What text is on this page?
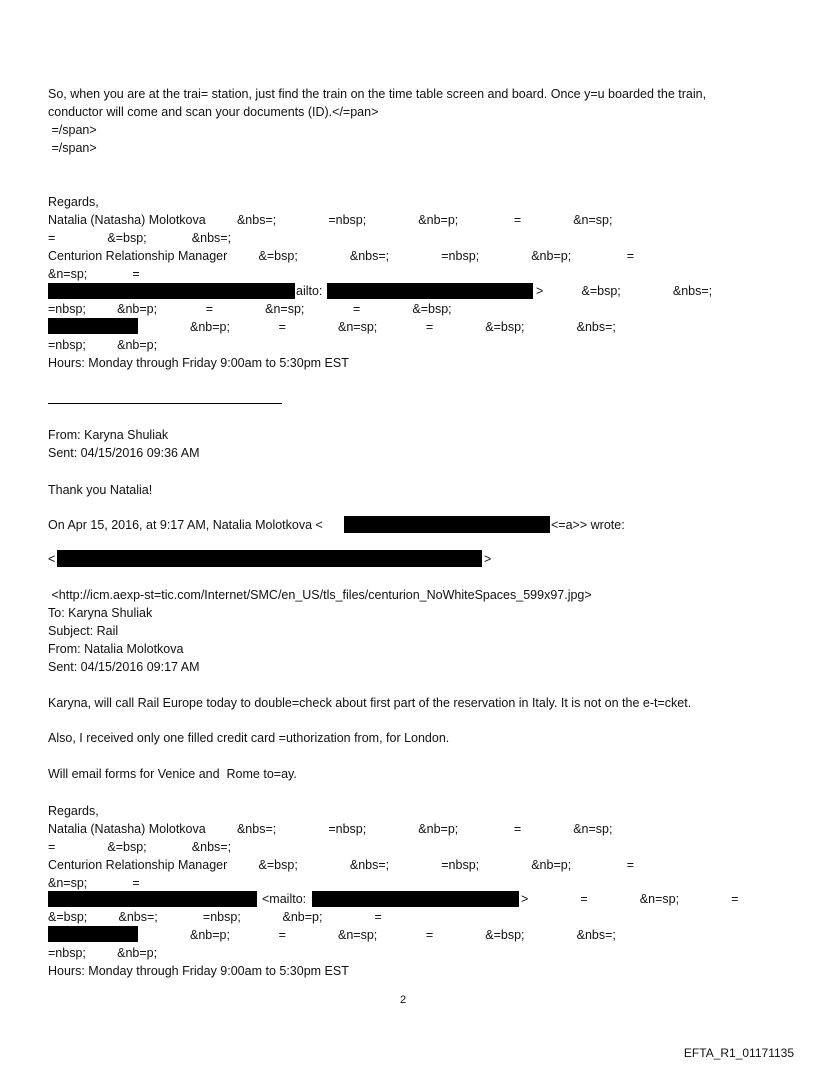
So, when you are at the trai= station, just find the train on the time table screen and board. Once y=u boarded the train,
conductor will come and scan your documents (ID).</=pan>
=/span>
=/span>
Regards,
Natalia (Natasha) Molotkova         &nbs=;               =nbsp;               &nb=p;                =               &n=sp;
=               &=bsp;             &nbs=;
Centurion Relationship Manager         &=bsp;               &nbs=;               =nbsp;               &nb=p;                =
&n=sp;             =
ailto:	>           &=bsp;               &nbs=;
=nbsp;         &nb=p;              =               &n=sp;              =               &=bsp;
&nb=p;              =               &n=sp;              =               &=bsp;               &nbs=;
=nbsp;         &nb=p;
Hours: Monday through Friday 9:00am to 5:30pm EST
From: Karyna Shuliak
Sent: 04/15/2016 09:36 AM
Thank you Natalia!
On Apr 15, 2016, at 9:17 AM, Natalia Molotkova <	<=a>> wrote:
<	>
<http://icm.aexp-st=tic.com/Internet/SMC/en_US/tls_files/centurion_NoWhiteSpaces_599x97.jpg>
To: Karyna Shuliak
Subject: Rail
From: Natalia Molotkova
Sent: 04/15/2016 09:17 AM
Karyna, will call Rail Europe today to double=check about first part of the reservation in Italy. It is not on the e-t=cket.
Also, I received only one filled credit card =uthorization from, for London.
Will email forms for Venice and  Rome to=ay.
Regards,
Natalia (Natasha) Molotkova         &nbs=;               =nbsp;               &nb=p;                =               &n=sp;
=               &=bsp;             &nbs=;
Centurion Relationship Manager         &=bsp;               &nbs=;               =nbsp;               &nb=p;                =
&n=sp;             =
<mailto:	>               =               &n=sp;               =
&=bsp;         &nbs=;             =nbsp;            &nb=p;               =
&nb=p;              =               &n=sp;              =               &=bsp;               &nbs=;
=nbsp;         &nb=p;
Hours: Monday through Friday 9:00am to 5:30pm EST
2
EFTA_R1_01171135
